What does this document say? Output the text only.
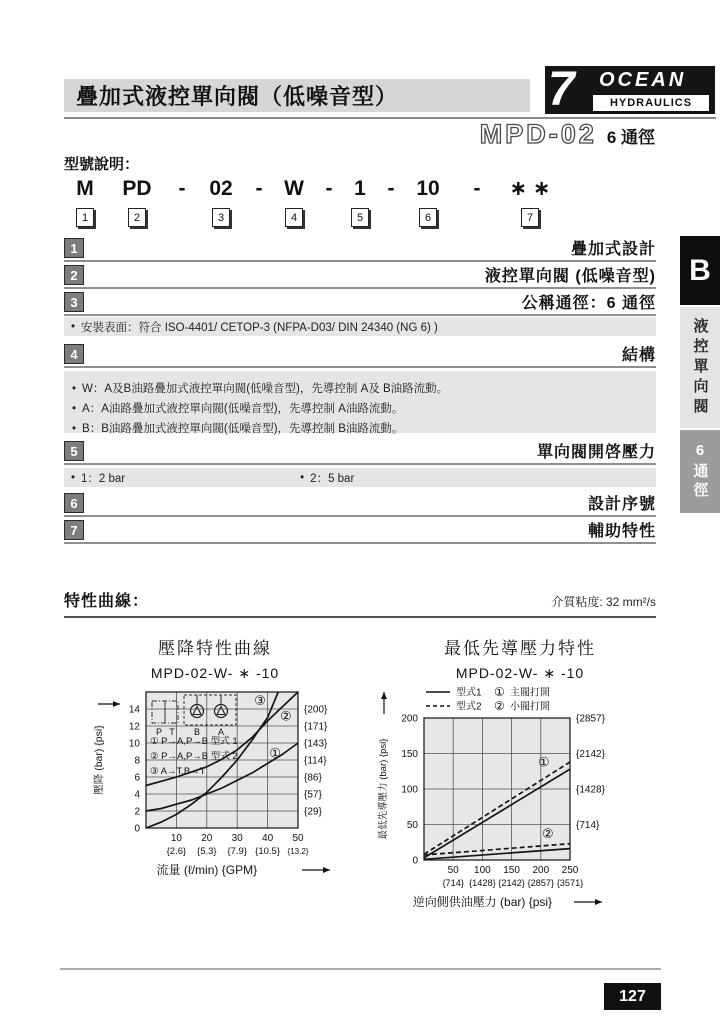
疊加式液控單向閥（低噪音型）	7 OCEAN
HYDRAULICS
MPD-02 6 通徑
型號說明：
M
1
PD
2
-	02
3
-	W
4
-	1
5
-	10
6
-	∗ ∗
7
1	疊加式設計
2	液控單向閥 (低噪音型)
3	公稱通徑：6 通徑
• 安裝表面：符合 ISO-4401/ CETOP-3 (NFPA-D03/ DIN 24340 (NG 6) )
4	結構

• W：A及B油路疊加式液控單向閥(低噪音型)，先導控制 A及 B油路流動。

• A：A油路疊加式液控單向閥(低噪音型)，先導控制 A油路流動。

• B：B油路疊加式液控單向閥(低噪音型)，先導控制 B油路流動。

5	單向閥開啓壓力
• 1：2 bar	• 2：5 bar
6	設計序號
7	輔助特性
特性曲線：	介質粘度: 32 mm²/s
壓降特性曲線
MPD-02-W- ∗ -10
0
2
4
6
8
10
12
14	{200}
{171}
{143}
{114}
{86}
{57}
{29}
10
{2.6}
20
{5.3}
30
{7.9}
40
{10.5}
50
{13.2}
③
②
①
壓降 (bar) {psi}
流量 (ℓ/min) {GPM}
① P→A,P→B 型式 1
② P→A,P→B 型式 2
③ A→T,B→T
P T B A
最低先導壓力特性
MPD-02-W- ∗ -10
0
50
100
150
200	{2857}
{2142}
{1428}
{714}
50
{714}
100
{1428}
150
{2142}
200
{2857}
250
{3571}
①
②
最低先導壓力 (bar) {psi}
逆向側供油壓力 (bar) {psi}
型式1 ① 主閥打開
型式2 ② 小閥打開
B
液控單向閥
6通徑
127
